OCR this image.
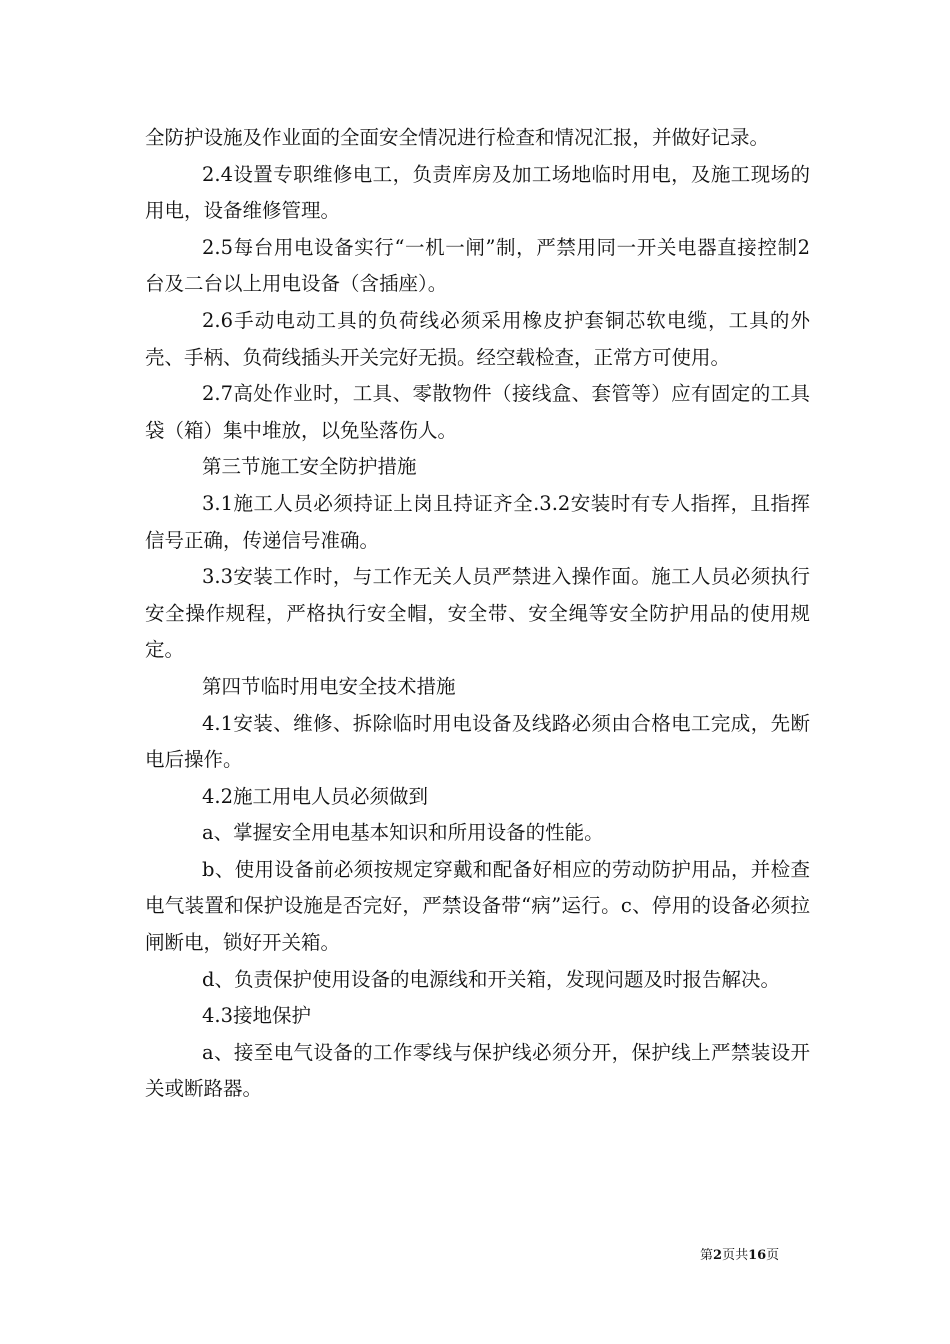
全防护设施及作业面的全面安全情况进行检查和情况汇报，并做好记录。

2.4设置专职维修电工，负责库房及加工场地临时用电，及施工现场的用电，设备维修管理。

2.5每台用电设备实行“一机一闸”制，严禁用同一开关电器直接控制2台及二台以上用电设备（含插座）。

2.6手动电动工具的负荷线必须采用橡皮护套铜芯软电缆，工具的外壳、手柄、负荷线插头开关完好无损。经空载检查，正常方可使用。

2.7高处作业时，工具、零散物件（接线盒、套管等）应有固定的工具袋（箱）集中堆放，以免坠落伤人。

第三节施工安全防护措施

3.1施工人员必须持证上岗且持证齐全.3.2安装时有专人指挥，且指挥信号正确，传递信号准确。

3.3安装工作时，与工作无关人员严禁进入操作面。施工人员必须执行安全操作规程，严格执行安全帽，安全带、安全绳等安全防护用品的使用规定。

第四节临时用电安全技术措施

4.1安装、维修、拆除临时用电设备及线路必须由合格电工完成，先断电后操作。

4.2施工用电人员必须做到

a、掌握安全用电基本知识和所用设备的性能。

b、使用设备前必须按规定穿戴和配备好相应的劳动防护用品，并检查电气装置和保护设施是否完好，严禁设备带“病”运行。c、停用的设备必须拉闸断电，锁好开关箱。

d、负责保护使用设备的电源线和开关箱，发现问题及时报告解决。

4.3接地保护

a、接至电气设备的工作零线与保护线必须分开，保护线上严禁装设开关或断路器。

第2页共16页
